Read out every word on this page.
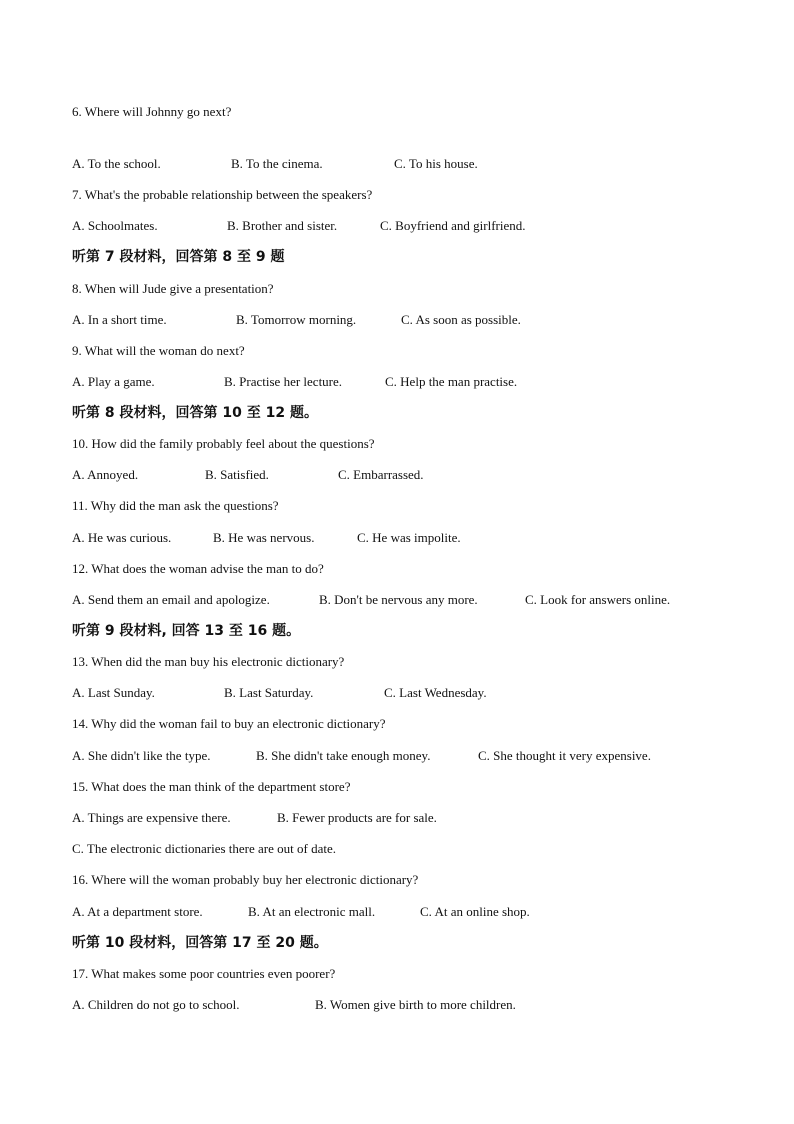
6. Where will Johnny go next?
A. To the school.	B. To the cinema.	C. To his house.
7. What's the probable relationship between the speakers?
A. Schoolmates.	B. Brother and sister.	C. Boyfriend and girlfriend.
听第 7 段材料，回答第 8 至 9 题
8. When will Jude give a presentation?
A. In a short time.	B. Tomorrow morning.	C. As soon as possible.
9. What will the woman do next?
A. Play a game.	B. Practise her lecture.	C. Help the man practise.
听第 8 段材料，回答第 10 至 12 题。
10. How did the family probably feel about the questions?
A. Annoyed.	B. Satisfied.	C. Embarrassed.
11. Why did the man ask the questions?
A. He was curious.	B. He was nervous.	C. He was impolite.
12. What does the woman advise the man to do?
A. Send them an email and apologize.	B. Don't be nervous any more.	C. Look for answers online.
听第 9 段材料, 回答 13 至 16 题。
13. When did the man buy his electronic dictionary?
A. Last Sunday.	B. Last Saturday.	C. Last Wednesday.
14. Why did the woman fail to buy an electronic dictionary?
A. She didn't like the type.	B. She didn't take enough money.	C. She thought it very expensive.
15. What does the man think of the department store?
A. Things are expensive there.	B. Fewer products are for sale.
C. The electronic dictionaries there are out of date.
16. Where will the woman probably buy her electronic dictionary?
A. At a department store.	B. At an electronic mall.	C. At an online shop.
听第 10 段材料，回答第 17 至 20 题。
17. What makes some poor countries even poorer?
A. Children do not go to school.	B. Women give birth to more children.
